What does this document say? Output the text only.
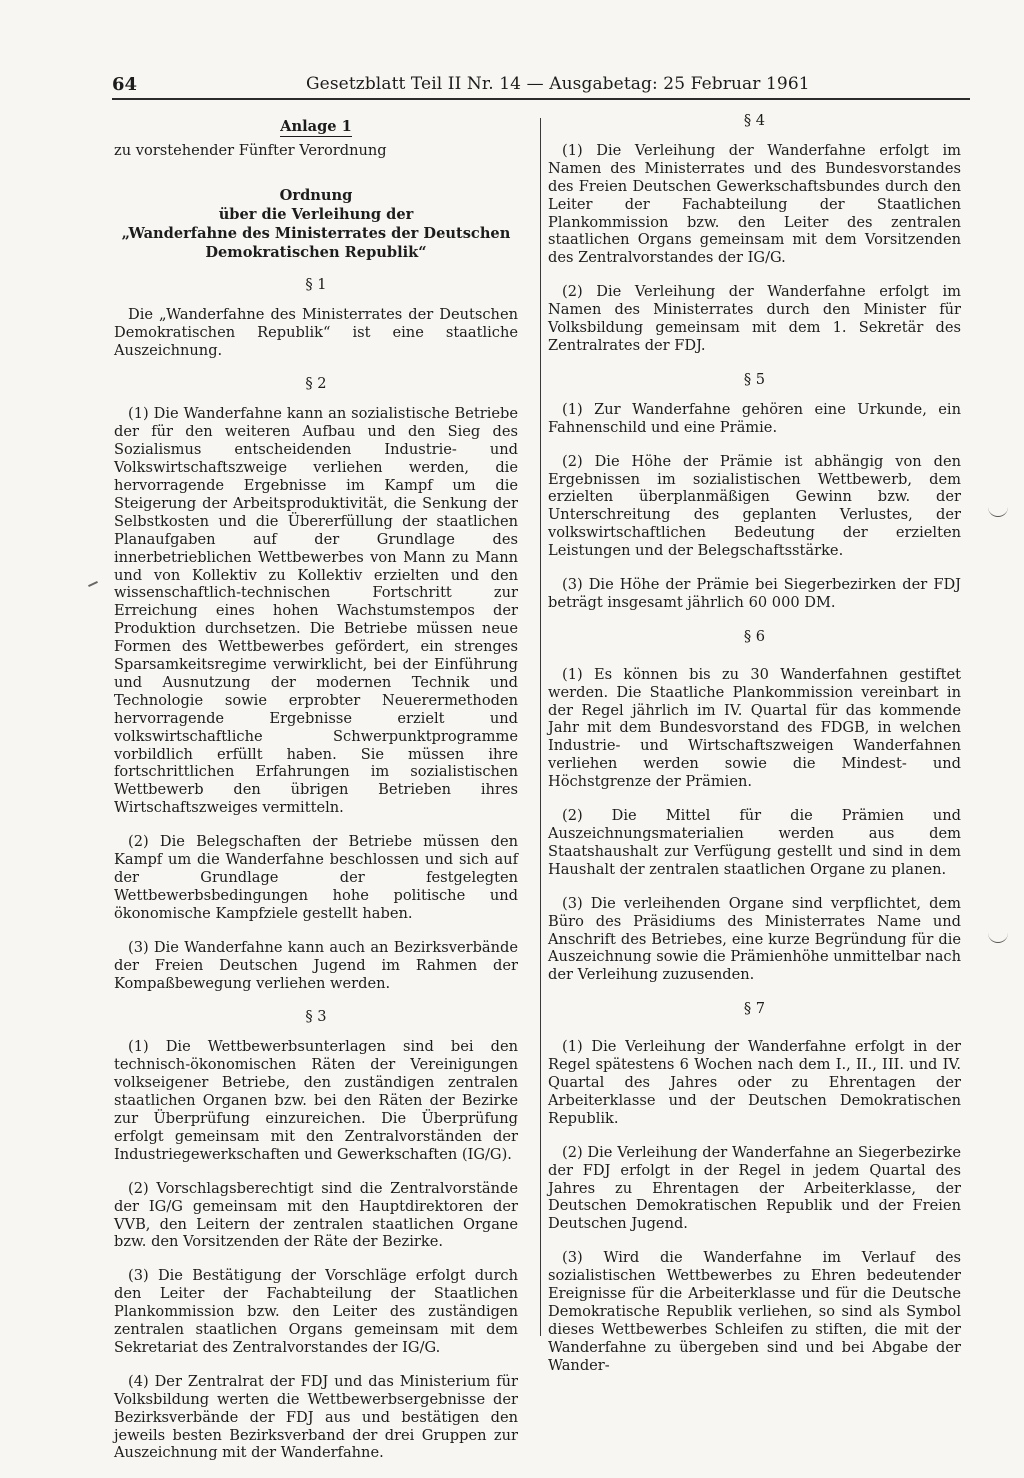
64	Gesetzblatt Teil II Nr. 14 — Ausgabetag: 25 Februar 1961
Anlage 1
zu vorstehender Fünfter Verordnung
Ordnung
über die Verleihung der
„Wanderfahne des Ministerrates der Deutschen
Demokratischen Republik“
§ 1

Die „Wanderfahne des Ministerrates der Deutschen Demokratischen Republik“ ist eine staatliche Auszeichnung.

§ 2

(1) Die Wanderfahne kann an sozialistische Betriebe der für den weiteren Aufbau und den Sieg des Sozialismus entscheidenden Industrie- und Volkswirtschaftszweige verliehen werden, die hervorragende Ergebnisse im Kampf um die Steigerung der Arbeitsproduktivität, die Senkung der Selbstkosten und die Übererfüllung der staatlichen Planaufgaben auf der Grundlage des innerbetrieblichen Wettbewerbes von Mann zu Mann und von Kollektiv zu Kollektiv erzielten und den wissenschaftlich-technischen Fortschritt zur Erreichung eines hohen Wachstumstempos der Produktion durchsetzen. Die Betriebe müssen neue Formen des Wettbewerbes gefördert, ein strenges Sparsamkeitsregime verwirklicht, bei der Einführung und Ausnutzung der modernen Technik und Technologie sowie erprobter Neuerermethoden hervorragende Ergebnisse erzielt und volkswirtschaftliche Schwerpunktprogramme vorbildlich erfüllt haben. Sie müssen ihre fortschrittlichen Erfahrungen im sozialistischen Wettbewerb den übrigen Betrieben ihres Wirtschaftszweiges vermitteln.

(2) Die Belegschaften der Betriebe müssen den Kampf um die Wanderfahne beschlossen und sich auf der Grundlage der festgelegten Wettbewerbsbedingungen hohe politische und ökonomische Kampfziele gestellt haben.

(3) Die Wanderfahne kann auch an Bezirksverbände der Freien Deutschen Jugend im Rahmen der Kompaßbewegung verliehen werden.

§ 3

(1) Die Wettbewerbsunterlagen sind bei den technisch-ökonomischen Räten der Vereinigungen volkseigener Betriebe, den zuständigen zentralen staatlichen Organen bzw. bei den Räten der Bezirke zur Überprüfung einzureichen. Die Überprüfung erfolgt gemeinsam mit den Zentralvorständen der Industriegewerkschaften und Gewerkschaften (IG/G).

(2) Vorschlagsberechtigt sind die Zentralvorstände der IG/G gemeinsam mit den Hauptdirektoren der VVB, den Leitern der zentralen staatlichen Organe bzw. den Vorsitzenden der Räte der Bezirke.

(3) Die Bestätigung der Vorschläge erfolgt durch den Leiter der Fachabteilung der Staatlichen Plankommission bzw. den Leiter des zuständigen zentralen staatlichen Organs gemeinsam mit dem Sekretariat des Zentralvorstandes der IG/G.

(4) Der Zentralrat der FDJ und das Ministerium für Volksbildung werten die Wettbewerbsergebnisse der Bezirksverbände der FDJ aus und bestätigen den jeweils besten Bezirksverband der drei Gruppen zur Auszeichnung mit der Wanderfahne.

§ 4

(1) Die Verleihung der Wanderfahne erfolgt im Namen des Ministerrates und des Bundesvorstandes des Freien Deutschen Gewerkschaftsbundes durch den Leiter der Fachabteilung der Staatlichen Plankommission bzw. den Leiter des zentralen staatlichen Organs gemeinsam mit dem Vorsitzenden des Zentralvorstandes der IG/G.

(2) Die Verleihung der Wanderfahne erfolgt im Namen des Ministerrates durch den Minister für Volksbildung gemeinsam mit dem 1. Sekretär des Zentralrates der FDJ.

§ 5

(1) Zur Wanderfahne gehören eine Urkunde, ein Fahnenschild und eine Prämie.

(2) Die Höhe der Prämie ist abhängig von den Ergebnissen im sozialistischen Wettbewerb, dem erzielten überplanmäßigen Gewinn bzw. der Unterschreitung des geplanten Verlustes, der volkswirtschaftlichen Bedeutung der erzielten Leistungen und der Belegschaftsstärke.

(3) Die Höhe der Prämie bei Siegerbezirken der FDJ beträgt insgesamt jährlich 60 000 DM.

§ 6

(1) Es können bis zu 30 Wanderfahnen gestiftet werden. Die Staatliche Plankommission vereinbart in der Regel jährlich im IV. Quartal für das kommende Jahr mit dem Bundesvorstand des FDGB, in welchen Industrie- und Wirtschaftszweigen Wanderfahnen verliehen werden sowie die Mindest- und Höchstgrenze der Prämien.

(2) Die Mittel für die Prämien und Auszeichnungsmaterialien werden aus dem Staatshaushalt zur Verfügung gestellt und sind in dem Haushalt der zentralen staatlichen Organe zu planen.

(3) Die verleihenden Organe sind verpflichtet, dem Büro des Präsidiums des Ministerrates Name und Anschrift des Betriebes, eine kurze Begründung für die Auszeichnung sowie die Prämienhöhe unmittelbar nach der Verleihung zuzusenden.

§ 7

(1) Die Verleihung der Wanderfahne erfolgt in der Regel spätestens 6 Wochen nach dem I., II., III. und IV. Quartal des Jahres oder zu Ehrentagen der Arbeiterklasse und der Deutschen Demokratischen Republik.

(2) Die Verleihung der Wanderfahne an Siegerbezirke der FDJ erfolgt in der Regel in jedem Quartal des Jahres zu Ehrentagen der Arbeiterklasse, der Deutschen Demokratischen Republik und der Freien Deutschen Jugend.

(3) Wird die Wanderfahne im Verlauf des sozialistischen Wettbewerbes zu Ehren bedeutender Ereignisse für die Arbeiterklasse und für die Deutsche Demokratische Republik verliehen, so sind als Symbol dieses Wettbewerbes Schleifen zu stiften, die mit der Wanderfahne zu übergeben sind und bei Abgabe der Wander-
